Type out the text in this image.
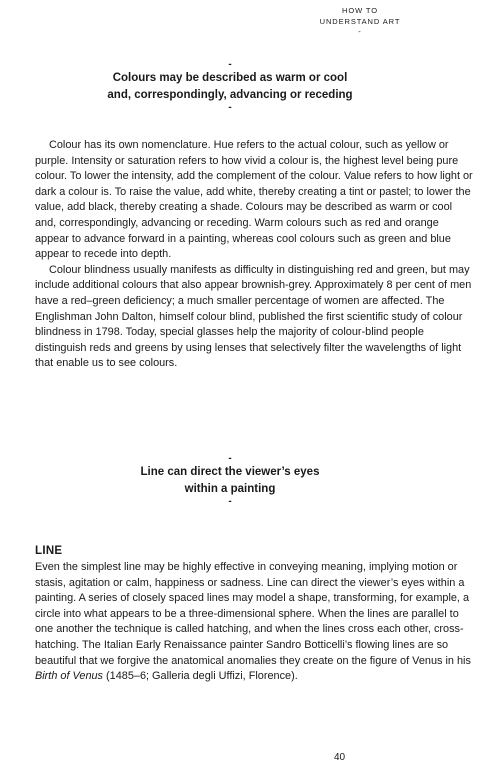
HOW TO
UNDERSTAND ART
-
-
Colours may be described as warm or cool
and, correspondingly, advancing or receding
-

Colour has its own nomenclature. Hue refers to the actual colour, such as yellow or purple. Intensity or saturation refers to how vivid a colour is, the highest level being pure colour. To lower the intensity, add the complement of the colour. Value refers to how light or dark a colour is. To raise the value, add white, thereby creating a tint or pastel; to lower the value, add black, thereby creating a shade. Colours may be described as warm or cool and, correspondingly, advancing or receding. Warm colours such as red and orange appear to advance forward in a painting, whereas cool colours such as green and blue appear to recede into depth.

Colour blindness usually manifests as difficulty in distinguishing red and green, but may include additional colours that also appear brownish-grey. Approximately 8 per cent of men have a red–green deficiency; a much smaller percentage of women are affected. The Englishman John Dalton, himself colour blind, published the first scientific study of colour blindness in 1798. Today, special glasses help the majority of colour-blind people distinguish reds and greens by using lenses that selectively filter the wavelengths of light that enable us to see colours.

-
Line can direct the viewer’s eyes
within a painting
-
LINE

Even the simplest line may be highly effective in conveying meaning, implying motion or stasis, agitation or calm, happiness or sadness. Line can direct the viewer’s eyes within a painting. A series of closely spaced lines may model a shape, transforming, for example, a circle into what appears to be a three-dimensional sphere. When the lines are parallel to one another the technique is called hatching, and when the lines cross each other, cross-hatching. The Italian Early Renaissance painter Sandro Botticelli’s flowing lines are so beautiful that we forgive the anatomical anomalies they create on the figure of Venus in his Birth of Venus (1485–6; Galleria degli Uffizi, Florence).

40
